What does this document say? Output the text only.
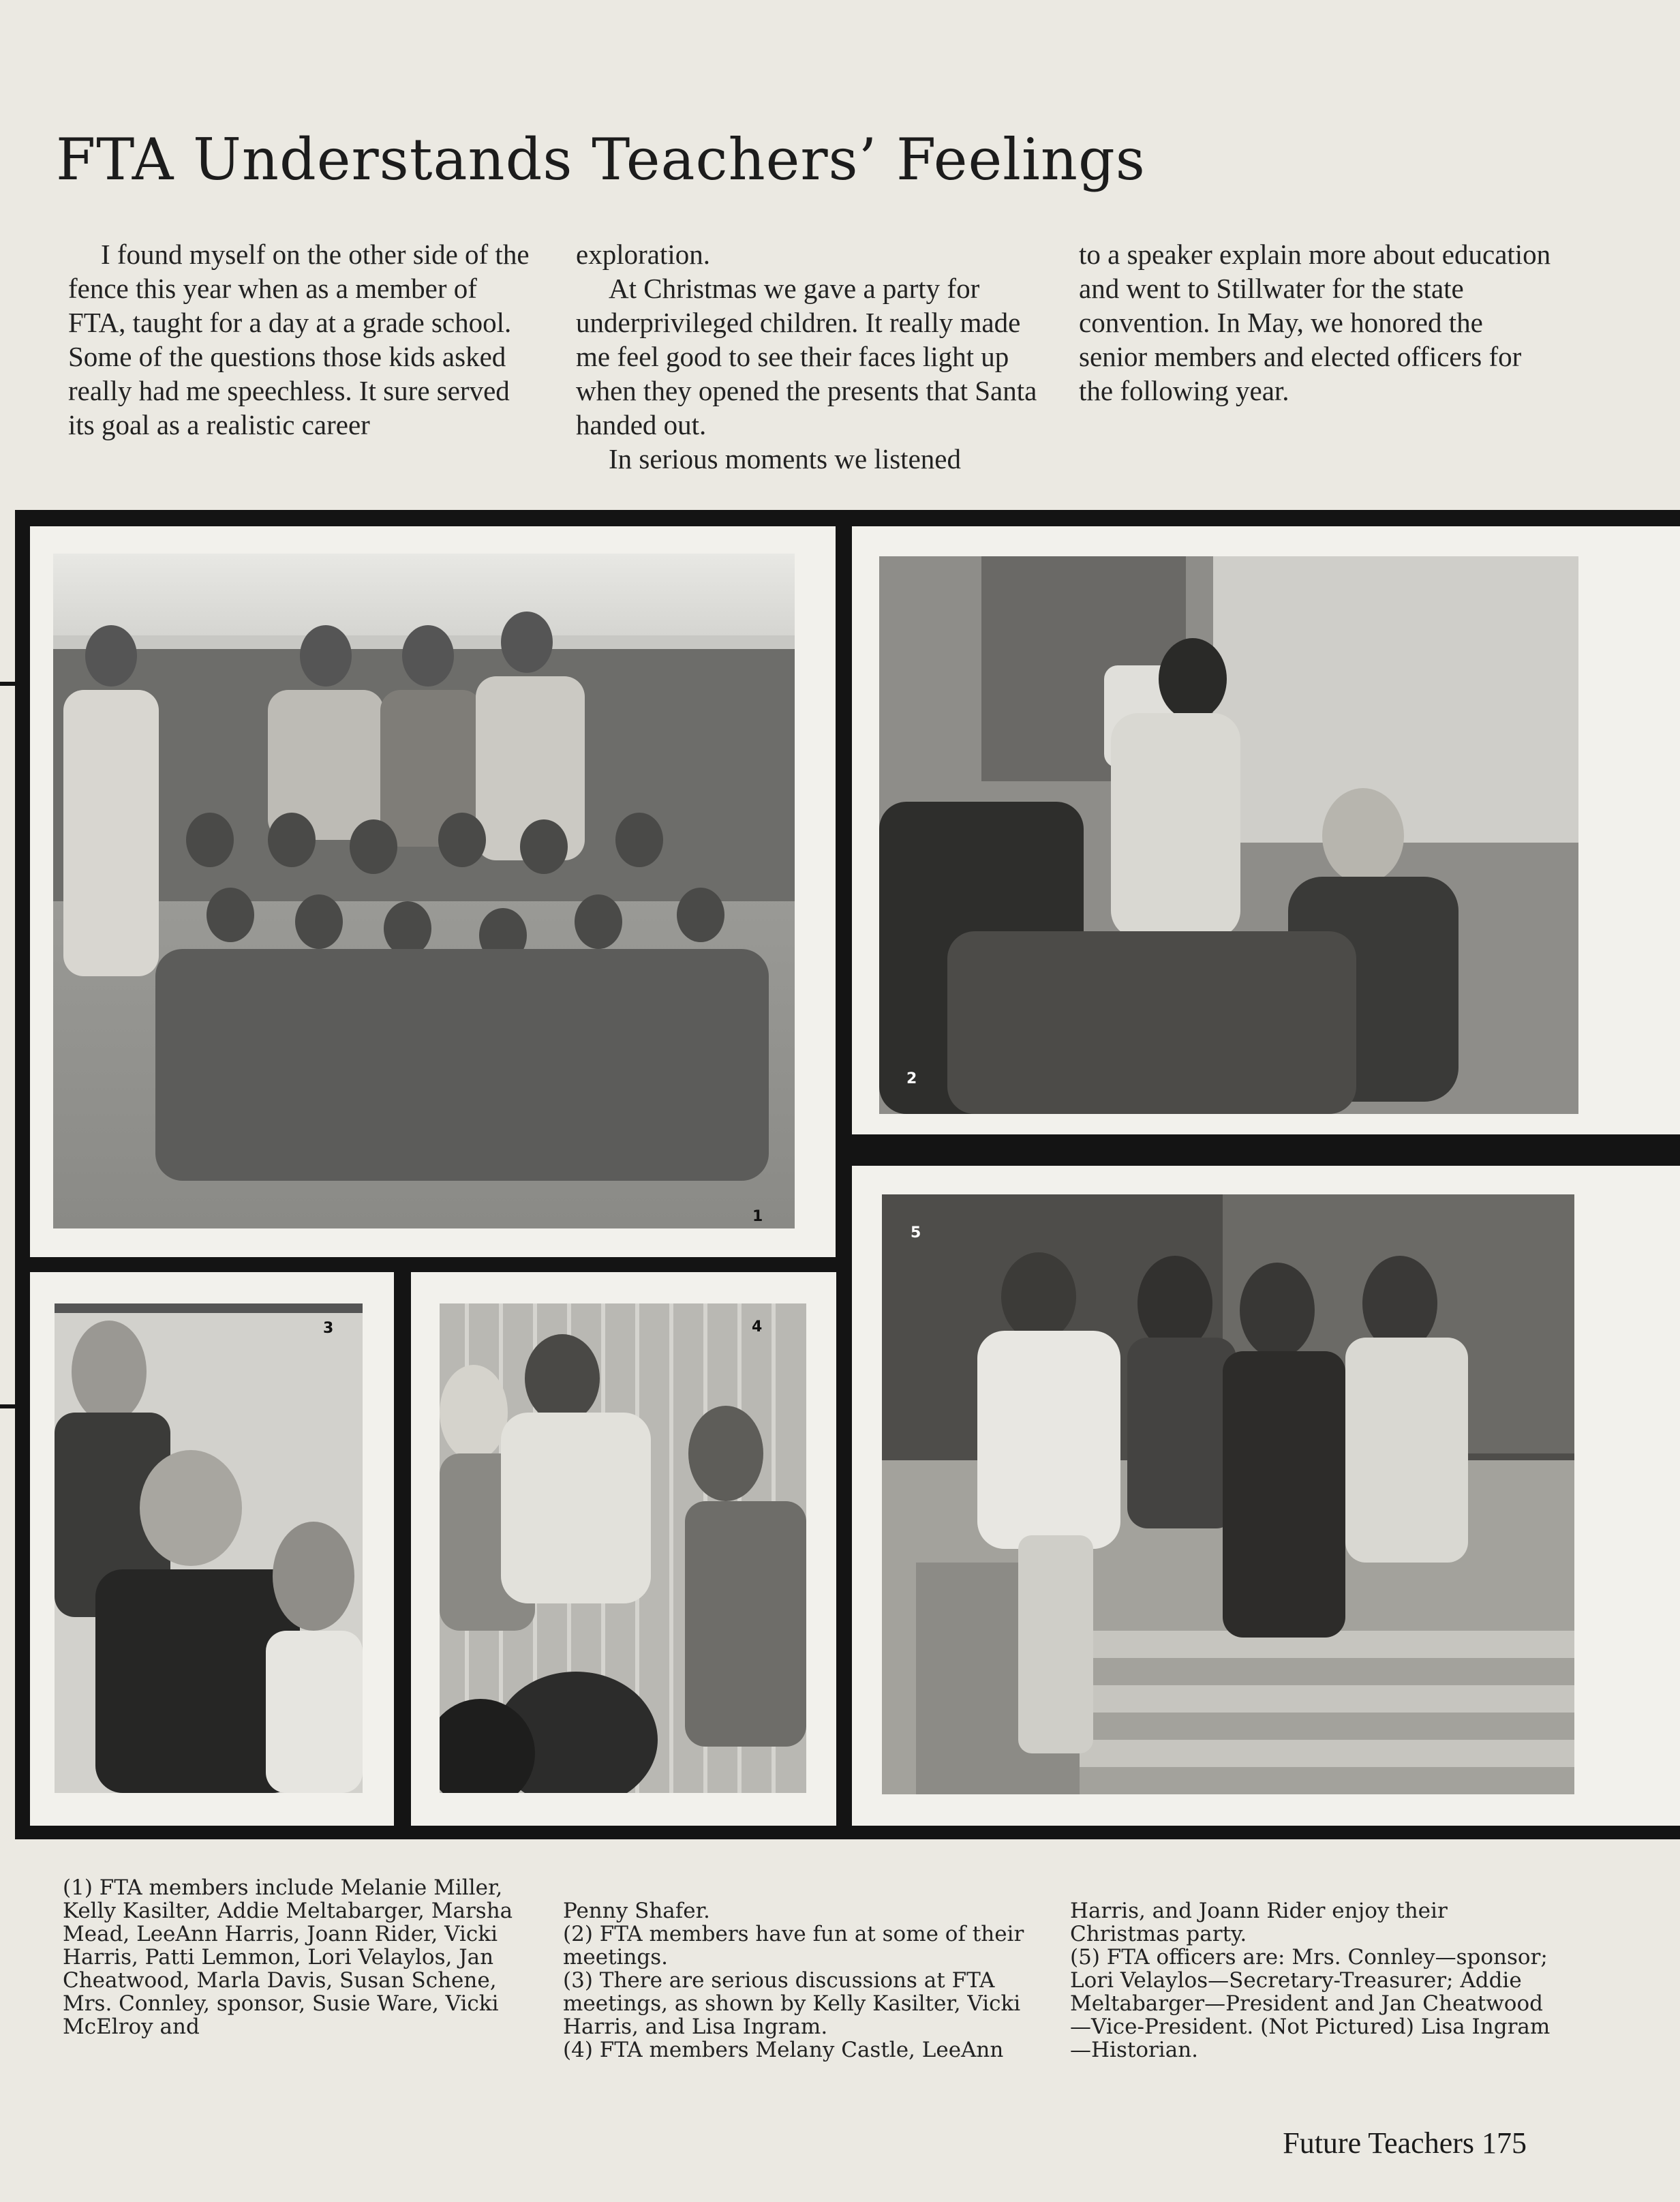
FTA Understands Teachers’ Feelings

I found myself on the other side of the fence this year when as a member of FTA, taught for a day at a grade school. Some of the questions those kids asked really had me speechless. It sure served its goal as a realistic career

exploration.

At Christmas we gave a party for underprivileged children. It really made me feel good to see their faces light up when they opened the presents that Santa handed out.

In serious moments we listened

to a speaker explain more about education and went to Stillwater for the state convention. In May, we honored the senior members and elected officers for the following year.

1
2
3	4
5

(1) FTA members include Melanie Miller, Kelly Kasilter, Addie Meltabarger, Marsha Mead, LeeAnn Harris, Joann Rider, Vicki Harris, Patti Lemmon, Lori Velaylos, Jan Cheatwood, Marla Davis, Susan Schene, Mrs. Connley, sponsor, Susie Ware, Vicki McElroy and

Penny Shafer.
(2) FTA members have fun at some of their meetings.
(3) There are serious discussions at FTA meetings, as shown by Kelly Kasilter, Vicki Harris, and Lisa Ingram.
(4) FTA members Melany Castle, LeeAnn

Harris, and Joann Rider enjoy their Christmas party.
(5) FTA officers are: Mrs. Connley—sponsor; Lori Velaylos—Secretary-Treasurer; Addie Meltabarger—President and Jan Cheatwood—Vice-President. (Not Pictured) Lisa Ingram—Historian.

Future Teachers 175
